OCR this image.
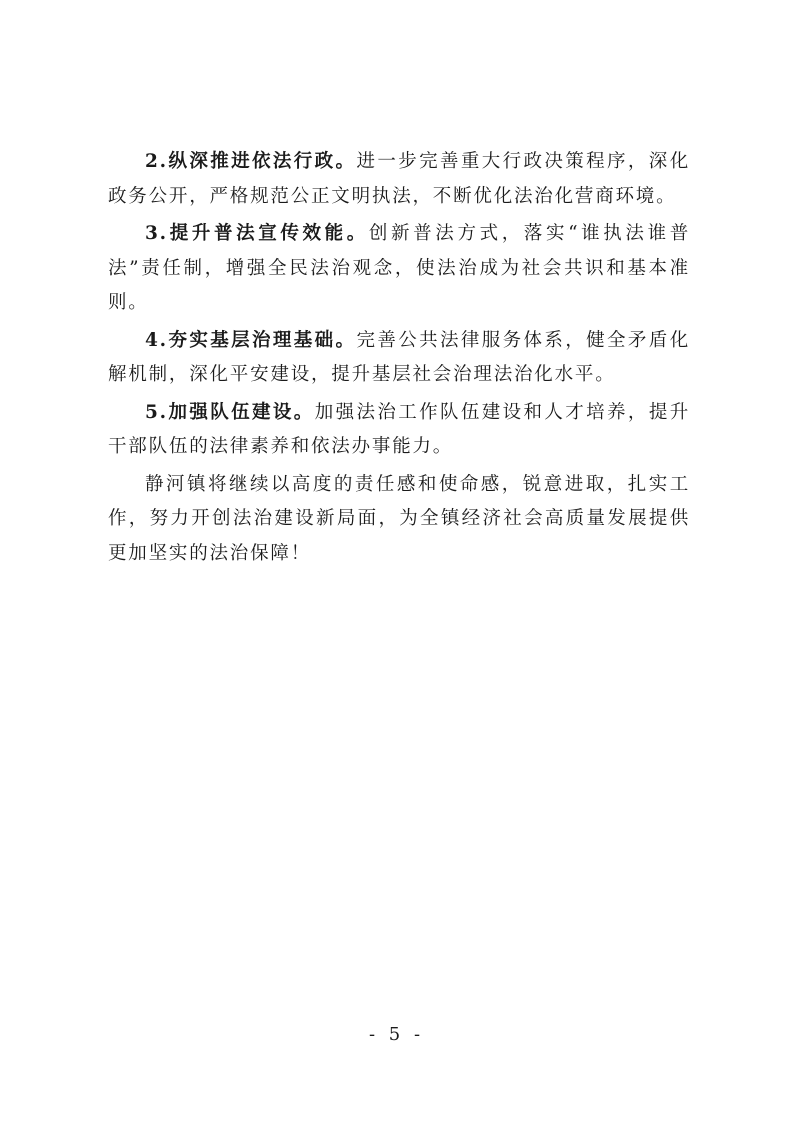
2.纵深推进依法行政。进一步完善重大行政决策程序，深化政务公开，严格规范公正文明执法，不断优化法治化营商环境。

3.提升普法宣传效能。创新普法方式，落实“谁执法谁普法”责任制，增强全民法治观念，使法治成为社会共识和基本准则。

4.夯实基层治理基础。完善公共法律服务体系，健全矛盾化解机制，深化平安建设，提升基层社会治理法治化水平。

5.加强队伍建设。加强法治工作队伍建设和人才培养，提升干部队伍的法律素养和依法办事能力。

静河镇将继续以高度的责任感和使命感，锐意进取，扎实工作，努力开创法治建设新局面，为全镇经济社会高质量发展提供更加坚实的法治保障！

- 5 -
